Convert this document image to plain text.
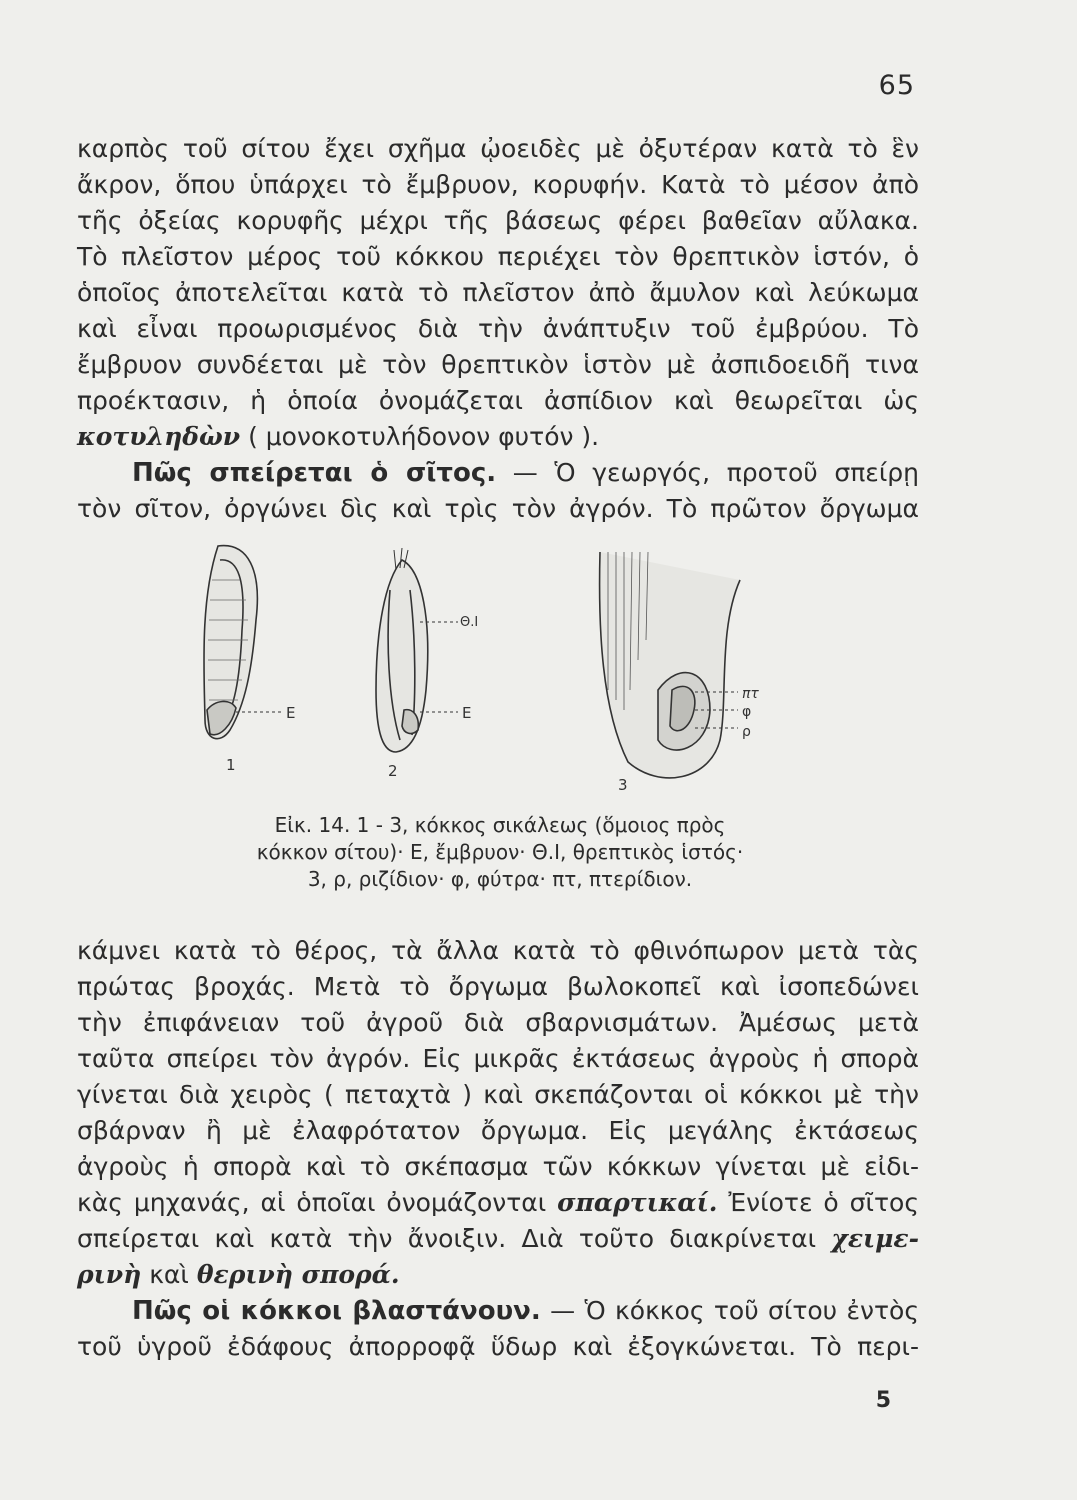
65
καρπὸς τοῦ σίτου ἔχει σχῆμα ᾠοειδὲς μὲ ὀξυτέραν κατὰ τὸ ἓν
ἄκρον, ὅπου ὑπάρχει τὸ ἔμβρυον, κορυφήν. Κατὰ τὸ μέσον ἀπὸ
τῆς ὀξείας κορυφῆς μέχρι τῆς βάσεως φέρει βαθεῖαν αὔλακα.
Τὸ πλεῖστον μέρος τοῦ κόκκου περιέχει τὸν θρεπτικὸν ἱστόν, ὁ
ὁποῖος ἀποτελεῖται κατὰ τὸ πλεῖστον ἀπὸ ἄμυλον καὶ λεύκωμα
καὶ εἶναι προωρισμένος διὰ τὴν ἀνάπτυξιν τοῦ ἐμβρύου. Τὸ
ἔμβρυον συνδέεται μὲ τὸν θρεπτικὸν ἱστὸν μὲ ἀσπιδοειδῆ τινα
προέκτασιν, ἡ ὁποία ὀνομάζεται ἀσπίδιον καὶ θεωρεῖται ὡς
κοτυληδὼν ( μονοκοτυλήδονον φυτόν ).
Πῶς σπείρεται ὁ σῖτος. — Ὁ γεωργός, προτοῦ σπείρῃ
τὸν σῖτον, ὀργώνει δὶς καὶ τρὶς τὸν ἀγρόν. Τὸ πρῶτον ὄργωμα
Ε	Ε
Θ.Ι
πτ
φ
ρ
1	2
3
Εἰκ. 14. 1 - 3, κόκκος σικάλεως (ὅμοιος πρὸς
κόκκον σίτου)· Ε, ἔμβρυον· Θ.Ι, θρεπτικὸς ἱστός·
3, ρ, ριζίδιον· φ, φύτρα· πτ, πτερίδιον.
κάμνει κατὰ τὸ θέρος, τὰ ἄλλα κατὰ τὸ φθινόπωρον μετὰ τὰς
πρώτας βροχάς. Μετὰ τὸ ὄργωμα βωλοκοπεῖ καὶ ἰσοπεδώνει
τὴν ἐπιφάνειαν τοῦ ἀγροῦ διὰ σβαρνισμάτων. Ἀμέσως μετὰ
ταῦτα σπείρει τὸν ἀγρόν. Εἰς μικρᾶς ἐκτάσεως ἀγροὺς ἡ σπορὰ
γίνεται διὰ χειρὸς ( πεταχτὰ ) καὶ σκεπάζονται οἱ κόκκοι μὲ τὴν
σβάρναν ἢ μὲ ἐλαφρότατον ὄργωμα. Εἰς μεγάλης ἐκτάσεως
ἀγροὺς ἡ σπορὰ καὶ τὸ σκέπασμα τῶν κόκκων γίνεται μὲ εἰδι-
κὰς μηχανάς, αἱ ὁποῖαι ὀνομάζονται σπαρτικαί. Ἐνίοτε ὁ σῖτος
σπείρεται καὶ κατὰ τὴν ἄνοιξιν. Διὰ τοῦτο διακρίνεται χειμε-
ρινὴ καὶ θερινὴ σπορά.
Πῶς οἱ κόκκοι βλαστάνουν. — Ὁ κόκκος τοῦ σίτου ἐντὸς
τοῦ ὑγροῦ ἐδάφους ἀπορροφᾷ ὕδωρ καὶ ἐξογκώνεται. Τὸ περι-
5
